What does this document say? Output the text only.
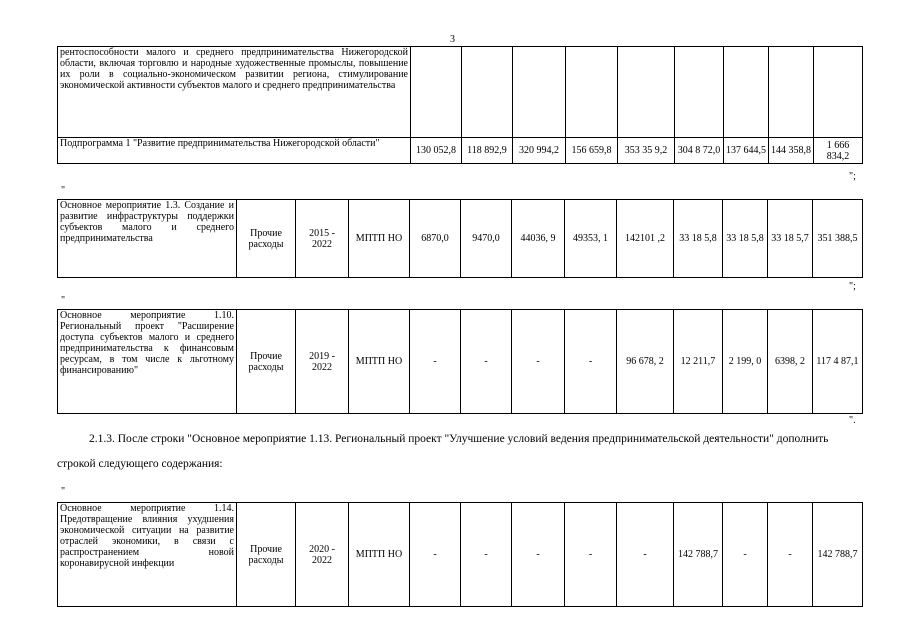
3
рентоспособности малого и среднего предпринимательства Нижегородской области, включая торговлю и народные художественные промыслы, повышение их роли в социально-экономическом развитии региона, стимулирование экономической активности субъектов малого и среднего предпринимательства									
Подпрограмма 1 "Развитие предпринимательства Нижегородской области"	130 052,8	118 892,9	320 994,2	156 659,8	353 35 9,2	304 8 72,0	137 644,5	144 358,8	1 666 834,2
";
"
Основное мероприятие 1.3. Создание и развитие инфраструктуры поддержки субъектов малого и среднего предпринимательства	Прочие расходы	2015 - 2022	МПТП НО	6870,0	9470,0	44036, 9	49353, 1	142101 ,2	33 18 5,8	33 18 5,8	33 18 5,7	351 388,5
";
"
Основное мероприятие 1.10. Региональный проект "Расширение доступа субъектов малого и среднего предпринимательства к финансовым ресурсам, в том числе к льготному финансированию"	Прочие расходы	2019 - 2022	МПТП НО	-	-	-	-	96 678, 2	12 211,7	2 199, 0	6398, 2	117 4 87,1
".
2.1.3. После строки "Основное мероприятие 1.13. Региональный проект "Улучшение условий ведения предпринимательской деятельности" дополнить строкой следующего содержания:
"
Основное мероприятие 1.14. Предотвращение влияния ухудшения экономической ситуации на развитие отраслей экономики, в связи с распространением новой коронавирусной инфекции	Прочие расходы	2020 - 2022	МПТП НО	-	-	-	-	-	142 788,7	-	-	142 788,7
